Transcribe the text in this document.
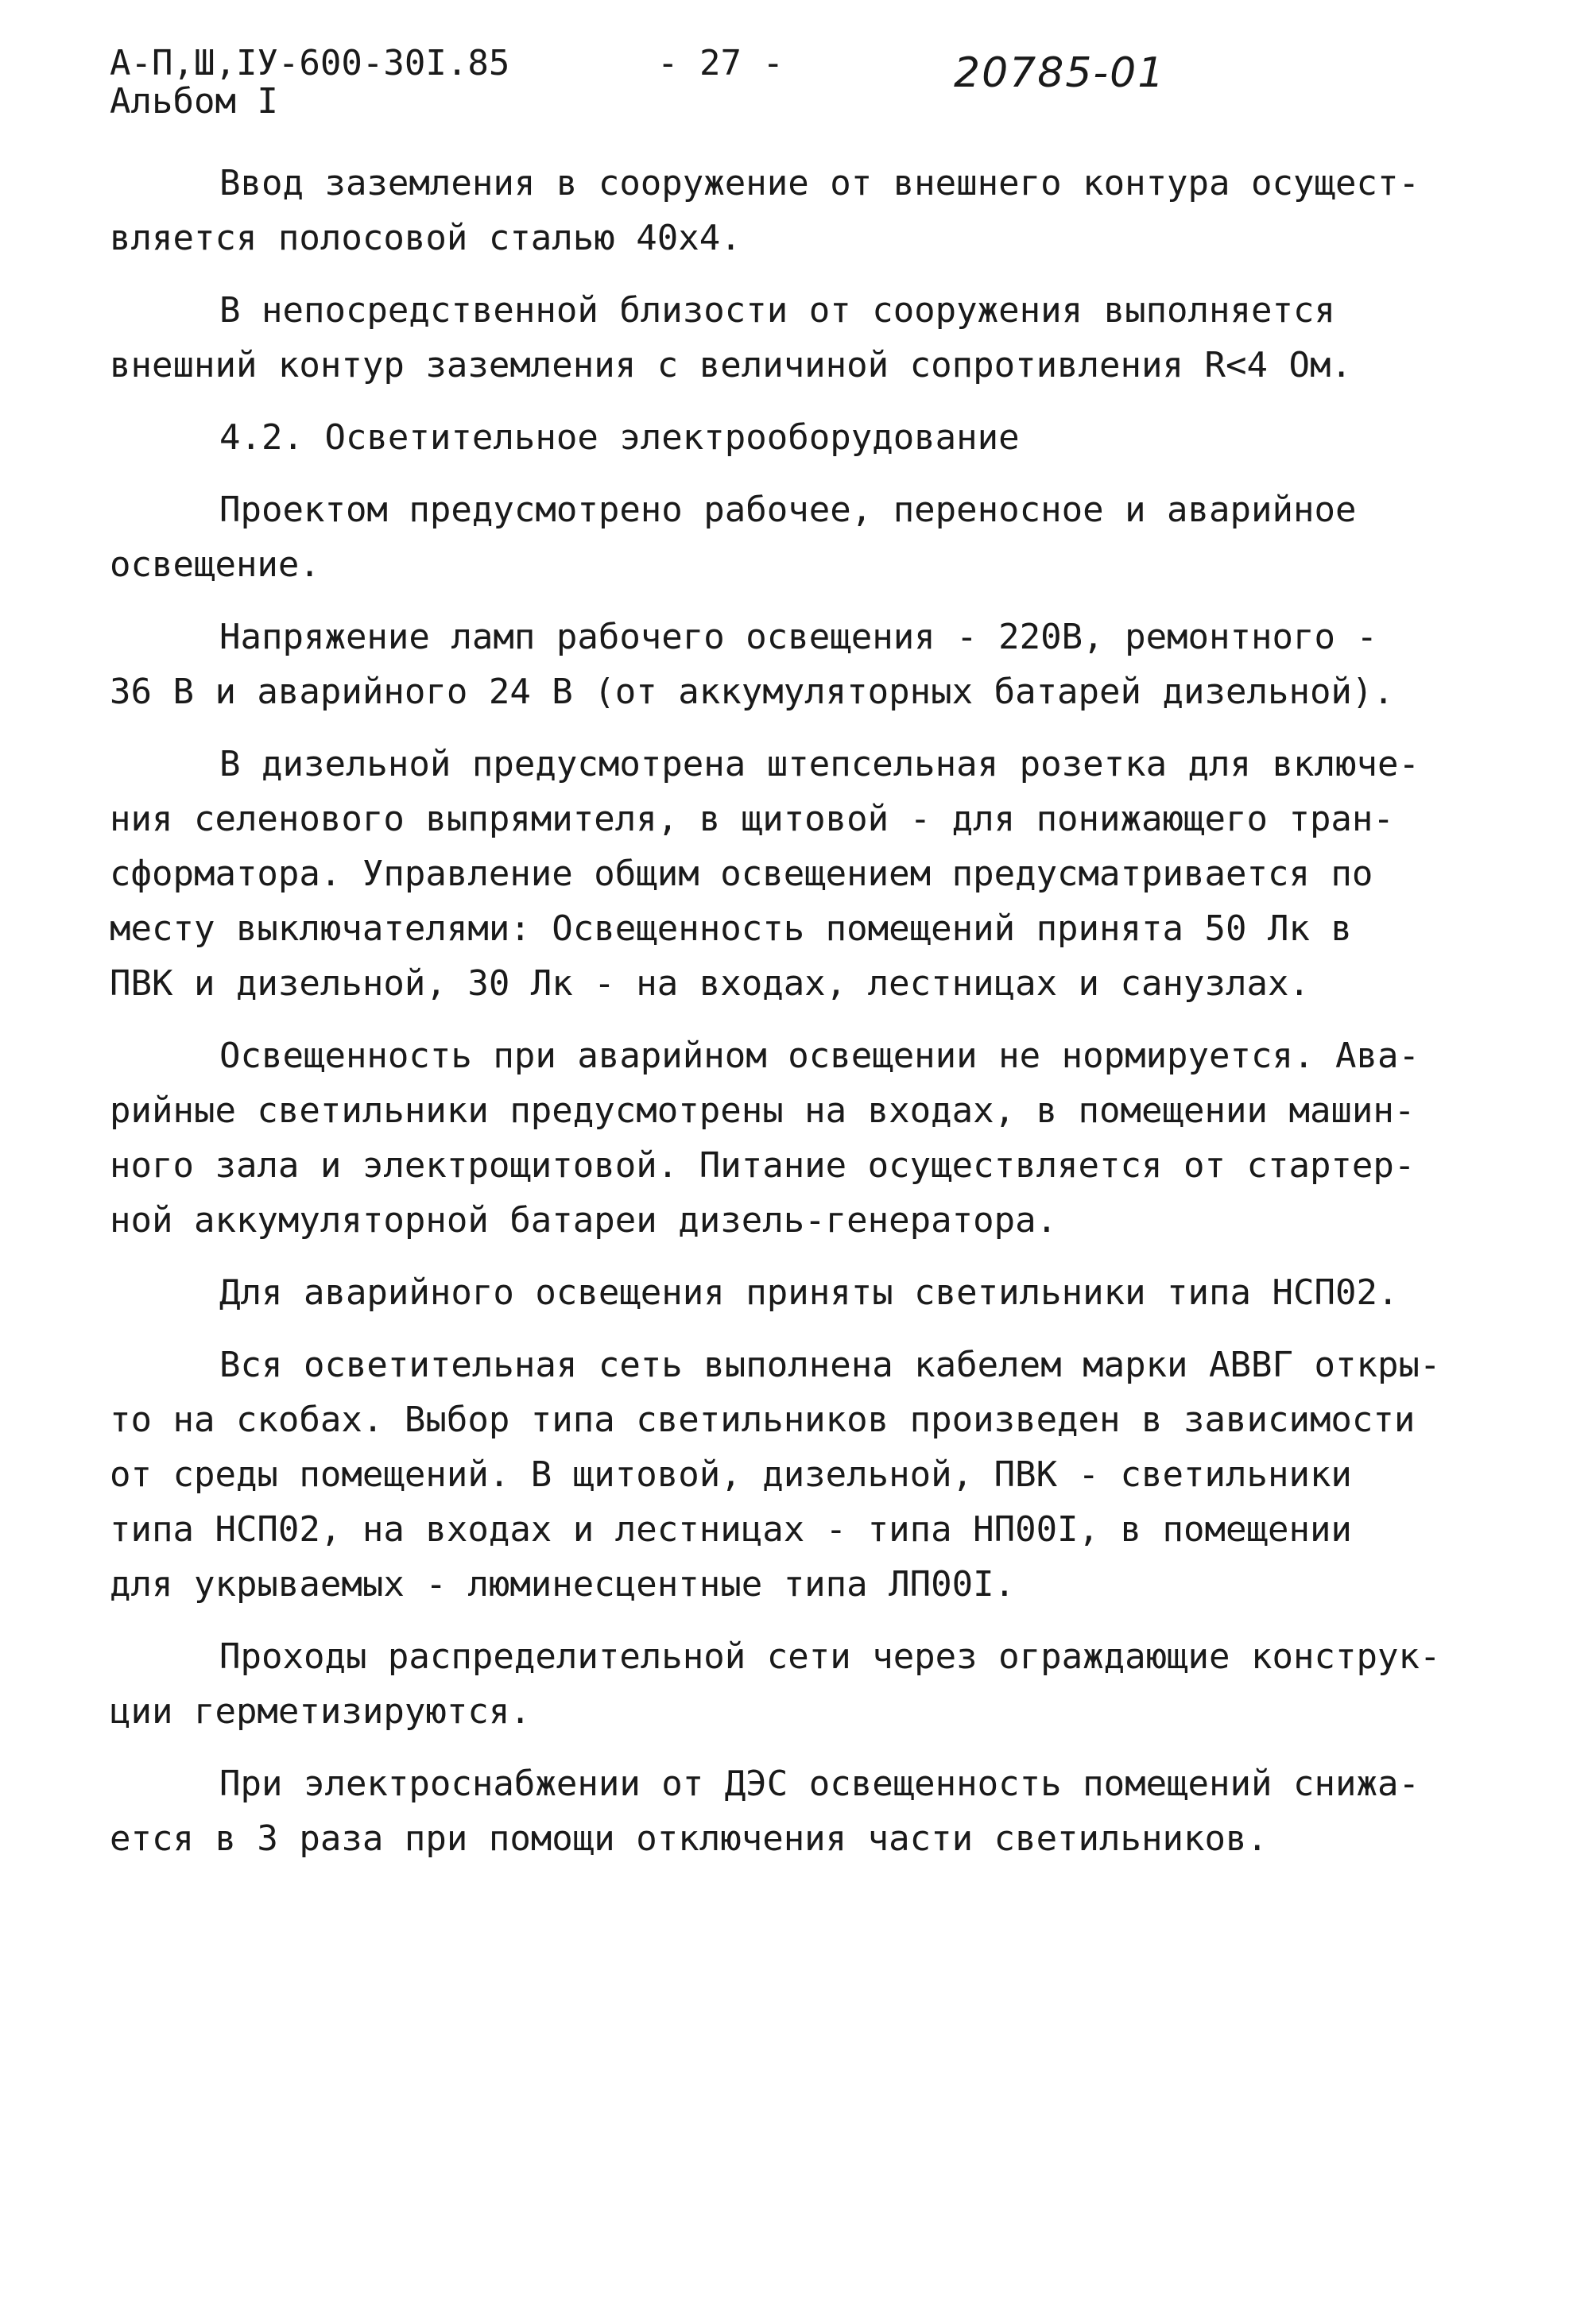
А-П,Ш,IУ-600-30I.85
Альбом I
- 27 -	20785-01
Ввод заземления в сооружение от внешнего контура осущест-
вляется полосовой сталью 40х4.
В непосредственной близости от сооружения выполняется
внешний контур заземления с величиной сопротивления R<4 Ом.
4.2. Осветительное электрооборудование
Проектом предусмотрено рабочее, переносное и аварийное
освещение.
Напряжение ламп рабочего освещения - 220В, ремонтного -
36 В и аварийного 24 В (от аккумуляторных батарей дизельной).
В дизельной предусмотрена штепсельная розетка для включе-
ния селенового выпрямителя, в щитовой - для понижающего тран-
сформатора. Управление общим освещением предусматривается по
месту выключателями: Освещенность помещений принята 50 Лк в
ПВК и дизельной, 30 Лк - на входах, лестницах и санузлах.
Освещенность при аварийном освещении не нормируется. Ава-
рийные светильники предусмотрены на входах, в помещении машин-
ного зала и электрощитовой. Питание осуществляется от стартер-
ной аккумуляторной батареи дизель-генератора.
Для аварийного освещения приняты светильники типа НСП02.
Вся осветительная сеть выполнена кабелем марки АВВГ откры-
то на скобах. Выбор типа светильников произведен в зависимости
от среды помещений. В щитовой, дизельной, ПВК - светильники
типа НСП02, на входах и лестницах - типа НП00I, в помещении
для укрываемых - люминесцентные типа ЛП00I.
Проходы распределительной сети через ограждающие конструк-
ции герметизируются.
При электроснабжении от ДЭС освещенность помещений снижа-
ется в 3 раза при помощи отключения части светильников.
